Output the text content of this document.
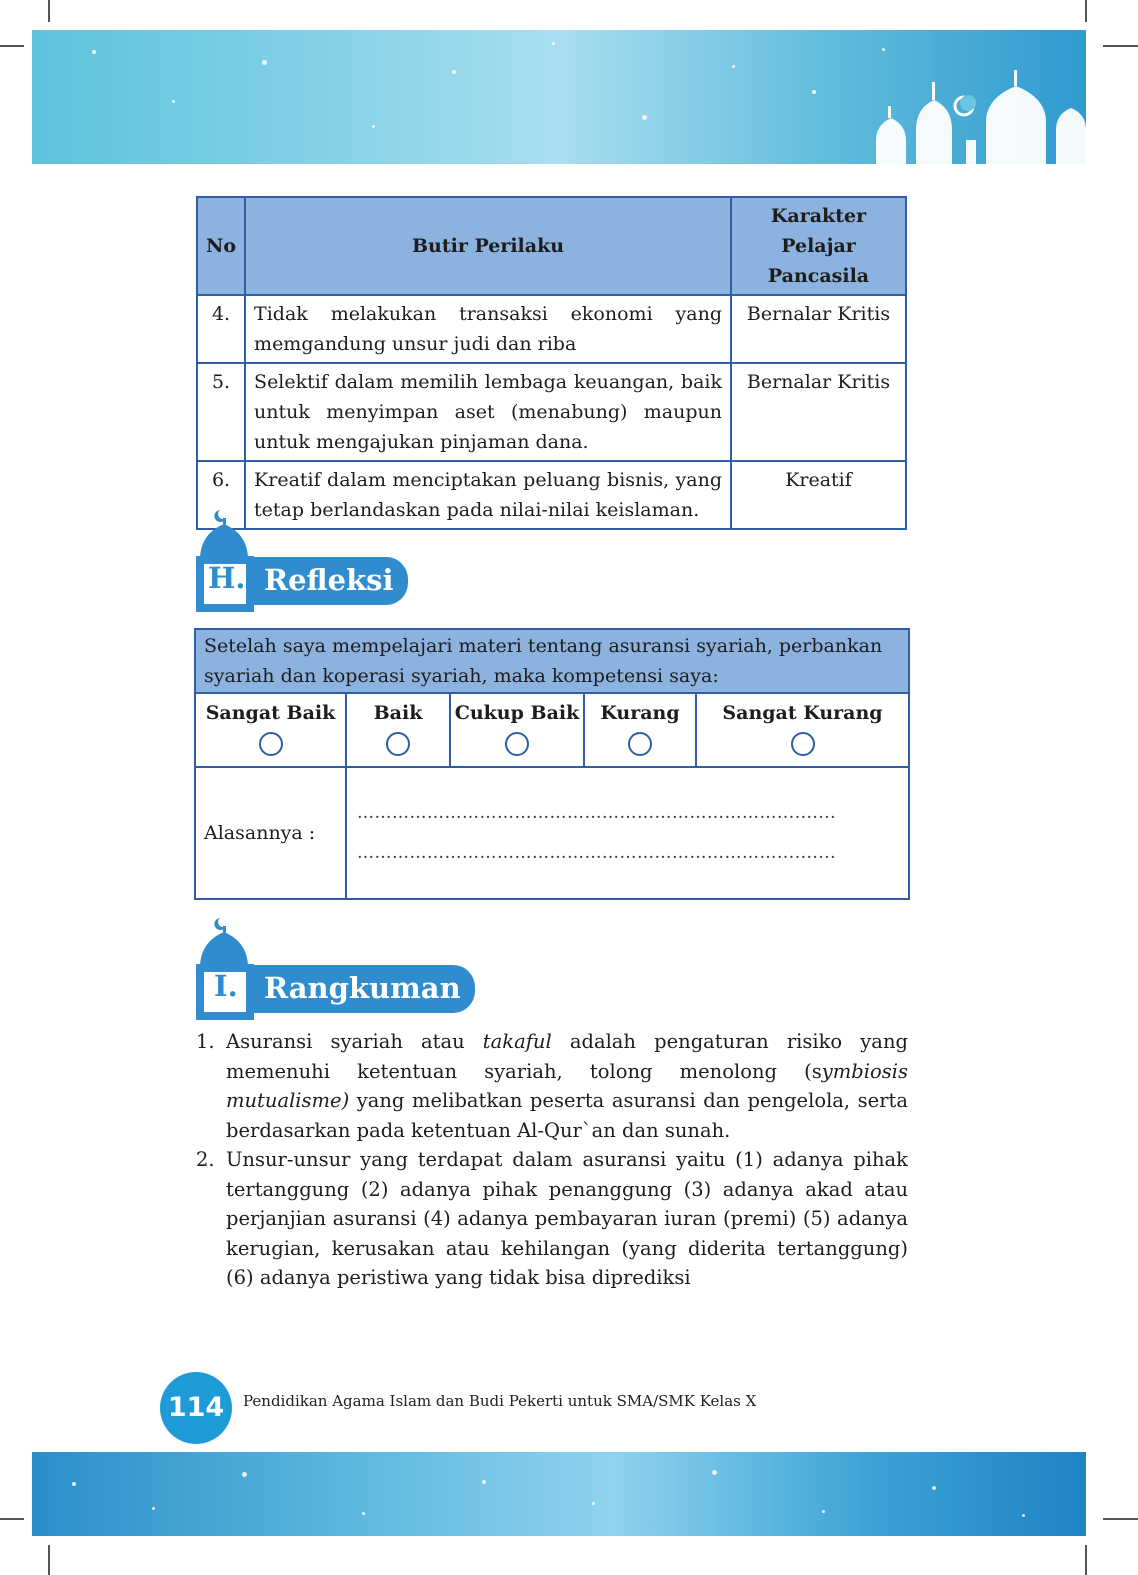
No	Butir Perilaku	Karakter Pelajar Pancasila
4.	Tidak melakukan transaksi ekonomi yang memgandung unsur judi dan riba	Bernalar Kritis
5.	Selektif dalam memilih lembaga keuangan, baik untuk menyimpan aset (menabung) maupun untuk mengajukan pinjaman dana.	Bernalar Kritis
6.	Kreatif dalam menciptakan peluang bisnis, yang tetap berlandaskan pada nilai-nilai keislaman.	Kreatif
H. Refleksi
Setelah saya mempelajari materi tentang asuransi syariah, perbankan syariah dan koperasi syariah, maka kompetensi saya:				
Sangat Baik	Baik	Cukup Baik	Kurang	Sangat Kurang

Alasannya :	………………………………………………………………..........
………………………………………………………………..........			
I. Rangkuman
1. Asuransi syariah atau takaful adalah pengaturan risiko yang memenuhi ketentuan syariah, tolong menolong (symbiosis mutualisme) yang melibatkan peserta asuransi dan pengelola, serta berdasarkan pada ketentuan Al-Qur`an dan sunah.
2. Unsur-unsur yang terdapat dalam asuransi yaitu (1) adanya pihak tertanggung (2) adanya pihak penanggung (3) adanya akad atau perjanjian asuransi (4) adanya pembayaran iuran (premi) (5) adanya kerugian, kerusakan atau kehilangan (yang diderita tertanggung) (6) adanya peristiwa yang tidak bisa diprediksi
114	Pendidikan Agama Islam dan Budi Pekerti untuk SMA/SMK Kelas X
